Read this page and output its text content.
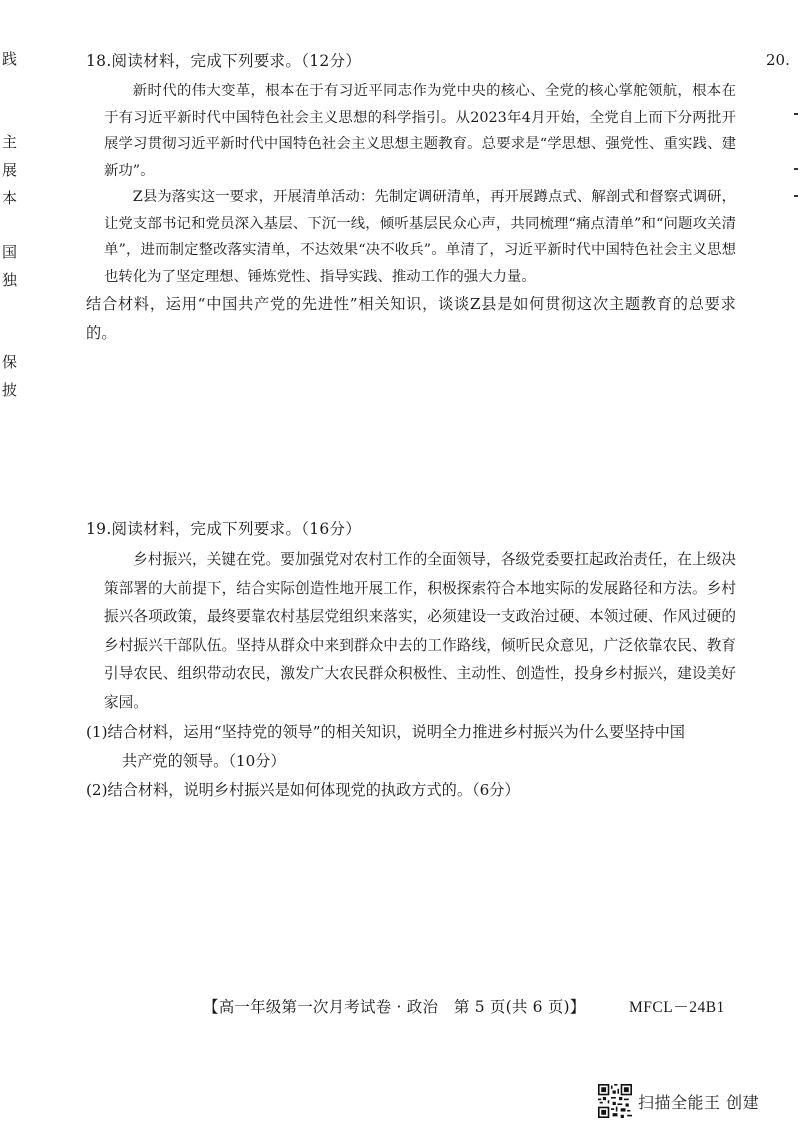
践
主
展
本
国
独
保
披
20.
18.阅读材料，完成下列要求。（12分）

新时代的伟大变革，根本在于有习近平同志作为党中央的核心、全党的核心掌舵领航，根本在于有习近平新时代中国特色社会主义思想的科学指引。从2023年4月开始，全党自上而下分两批开展学习贯彻习近平新时代中国特色社会主义思想主题教育。总要求是“学思想、强党性、重实践、建新功”。

Z县为落实这一要求，开展清单活动：先制定调研清单，再开展蹲点式、解剖式和督察式调研，让党支部书记和党员深入基层、下沉一线，倾听基层民众心声，共同梳理“痛点清单”和“问题攻关清单”，进而制定整改落实清单，不达效果“决不收兵”。单清了，习近平新时代中国特色社会主义思想也转化为了坚定理想、锤炼党性、指导实践、推动工作的强大力量。

结合材料，运用“中国共产党的先进性”相关知识，谈谈Z县是如何贯彻这次主题教育的总要求的。

19.阅读材料，完成下列要求。（16分）

乡村振兴，关键在党。要加强党对农村工作的全面领导，各级党委要扛起政治责任，在上级决策部署的大前提下，结合实际创造性地开展工作，积极探索符合本地实际的发展路径和方法。乡村振兴各项政策，最终要靠农村基层党组织来落实，必须建设一支政治过硬、本领过硬、作风过硬的乡村振兴干部队伍。坚持从群众中来到群众中去的工作路线，倾听民众意见，广泛依靠农民、教育引导农民、组织带动农民，激发广大农民群众积极性、主动性、创造性，投身乡村振兴，建设美好家园。

(1)结合材料，运用“坚持党的领导”的相关知识，说明全力推进乡村振兴为什么要坚持中国

共产党的领导。（10分）

(2)结合材料，说明乡村振兴是如何体现党的执政方式的。（6分）

【高一年级第一次月考试卷 · 政治　第 5 页(共 6 页)】	MFCL－24B1
扫描全能王 创建
